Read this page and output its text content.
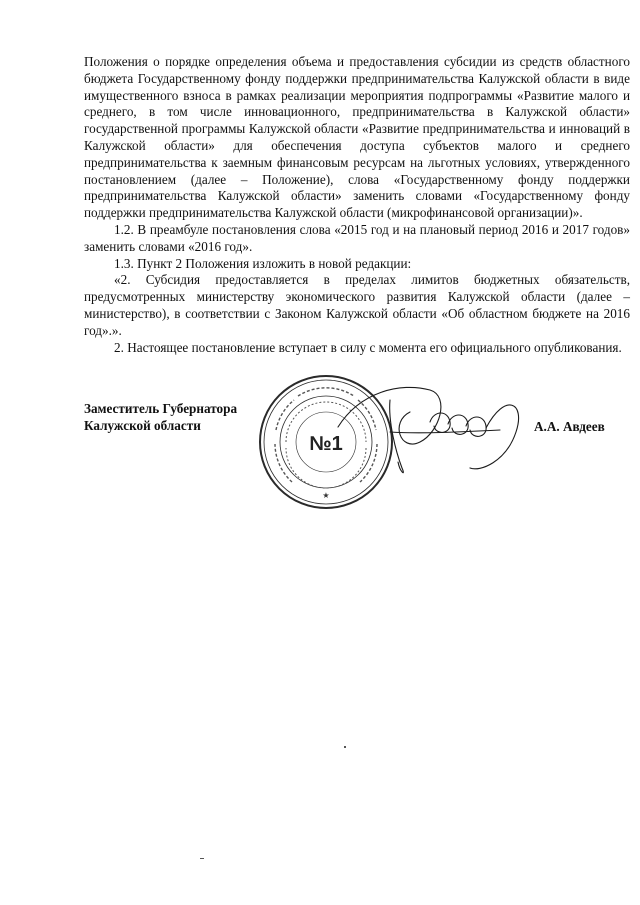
Положения о порядке определения объема и предоставления субсидии из средств областного бюджета Государственному фонду поддержки предпринимательства Калужской области в виде имущественного взноса в рамках реализации мероприятия подпрограммы «Развитие малого и среднего, в том числе инновационного, предпринимательства в Калужской области» государственной программы Калужской области «Развитие предпринимательства и инноваций в Калужской области» для обеспечения доступа субъектов малого и среднего предпринимательства к заемным финансовым ресурсам на льготных условиях, утвержденного постановлением (далее – Положение), слова «Государственному фонду поддержки предпринимательства Калужской области» заменить словами «Государственному фонду поддержки предпринимательства Калужской области (микрофинансовой организации)».

1.2. В преамбуле постановления слова «2015 год и на плановый период 2016 и 2017 годов» заменить словами «2016 год».

1.3. Пункт 2 Положения изложить в новой редакции:

«2. Субсидия предоставляется в пределах лимитов бюджетных обязательств, предусмотренных министерству экономического развития Калужской области (далее – министерство), в соответствии с Законом Калужской области «Об областном бюджете на 2016 год».».

2. Настоящее постановление вступает в силу с момента его официального опубликования.

Заместитель Губернатора
Калужской области
№1
★
А.А. Авдеев
